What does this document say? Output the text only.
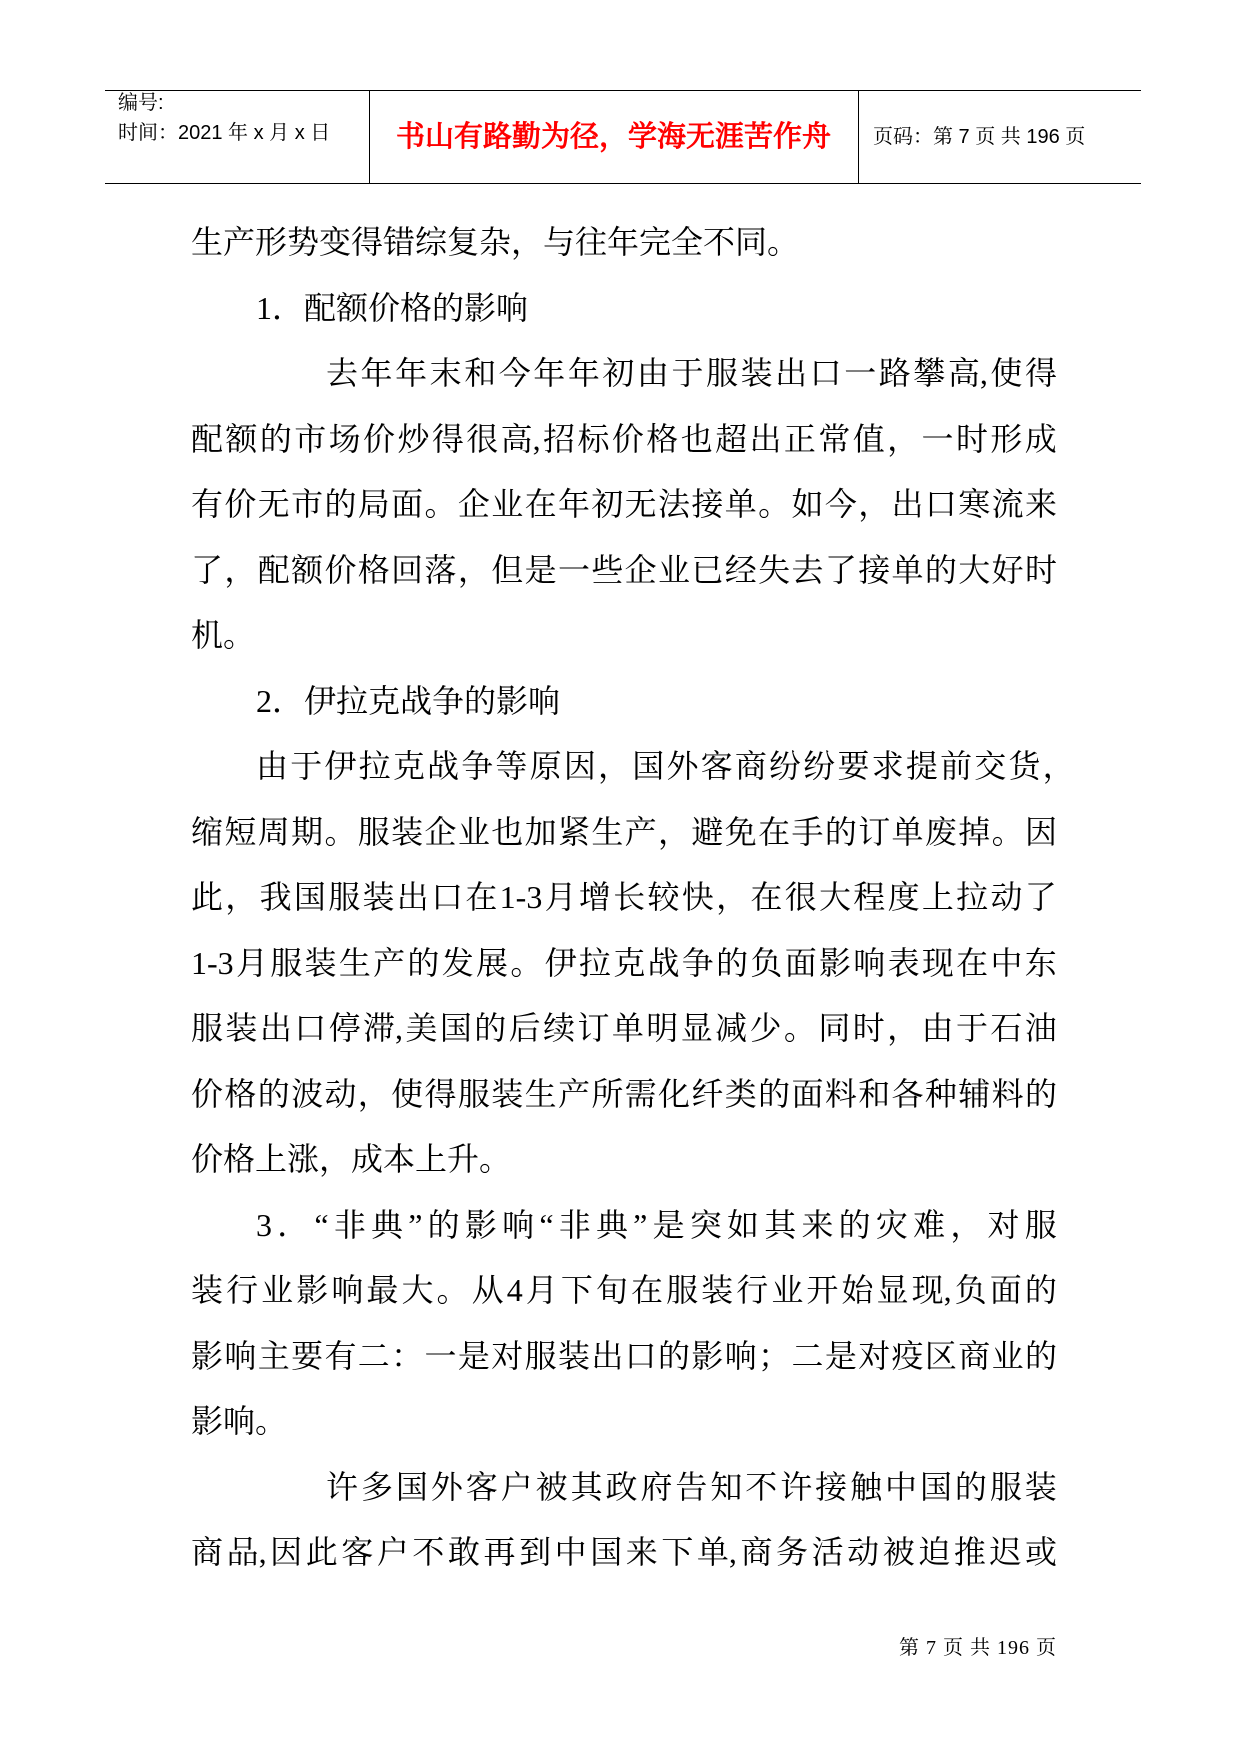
编号:
时间：2021 年 x 月 x 日	书山有路勤为径，学海无涯苦作舟	页码：第 7 页 共 196 页
生产形势变得错综复杂，与往年完全不同。
1．配额价格的影响
去 年 年 末 和 今 年 年 初 由 于 服 装 出 口 一 路 攀 高, 使 得
配 额 的 市 场 价 炒 得 很 高, 招 标 价 格 也 超 出 正 常 值 ， 一 时 形 成
有 价 无 市 的 局 面 。 企 业 在 年 初 无 法 接 单 。 如 今 ， 出 口 寒 流 来
了 ， 配 额 价 格 回 落 ， 但 是 一 些 企 业 已 经 失 去 了 接 单 的 大 好 时
机。
2．伊拉克战争的影响
由 于 伊 拉 克 战 争 等 原 因 ， 国 外 客 商 纷 纷 要 求 提 前 交 货 ，
缩 短 周 期 。 服 装 企 业 也 加 紧 生 产 ， 避 免 在 手 的 订 单 废 掉 。 因
此 ， 我 国 服 装 出 口 在 1-3 月 增 长 较 快 ， 在 很 大 程 度 上 拉 动 了
1-3 月 服 装 生 产 的 发 展 。 伊 拉 克 战 争 的 负 面 影 响 表 现 在 中 东
服 装 出 口 停 滞, 美 国 的 后 续 订 单 明 显 减 少 。 同 时 ， 由 于 石 油
价 格 的 波 动 ， 使 得 服 装 生 产 所 需 化 纤 类 的 面 料 和 各 种 辅 料 的
价格上涨，成本上升。
3 ． “ 非 典 ” 的 影 响 “ 非 典 ” 是 突 如 其 来 的 灾 难 ， 对 服
装 行 业 影 响 最 大 。 从 4 月 下 旬 在 服 装 行 业 开 始 显 现, 负 面 的
影 响 主 要 有 二 ： 一 是 对 服 装 出 口 的 影 响 ； 二 是 对 疫 区 商 业 的
影响。
许 多 国 外 客 户 被 其 政 府 告 知 不 许 接 触 中 国 的 服 装
商 品, 因 此 客 户 不 敢 再 到 中 国 来 下 单, 商 务 活 动 被 迫 推 迟 或
第 7 页 共 196 页
